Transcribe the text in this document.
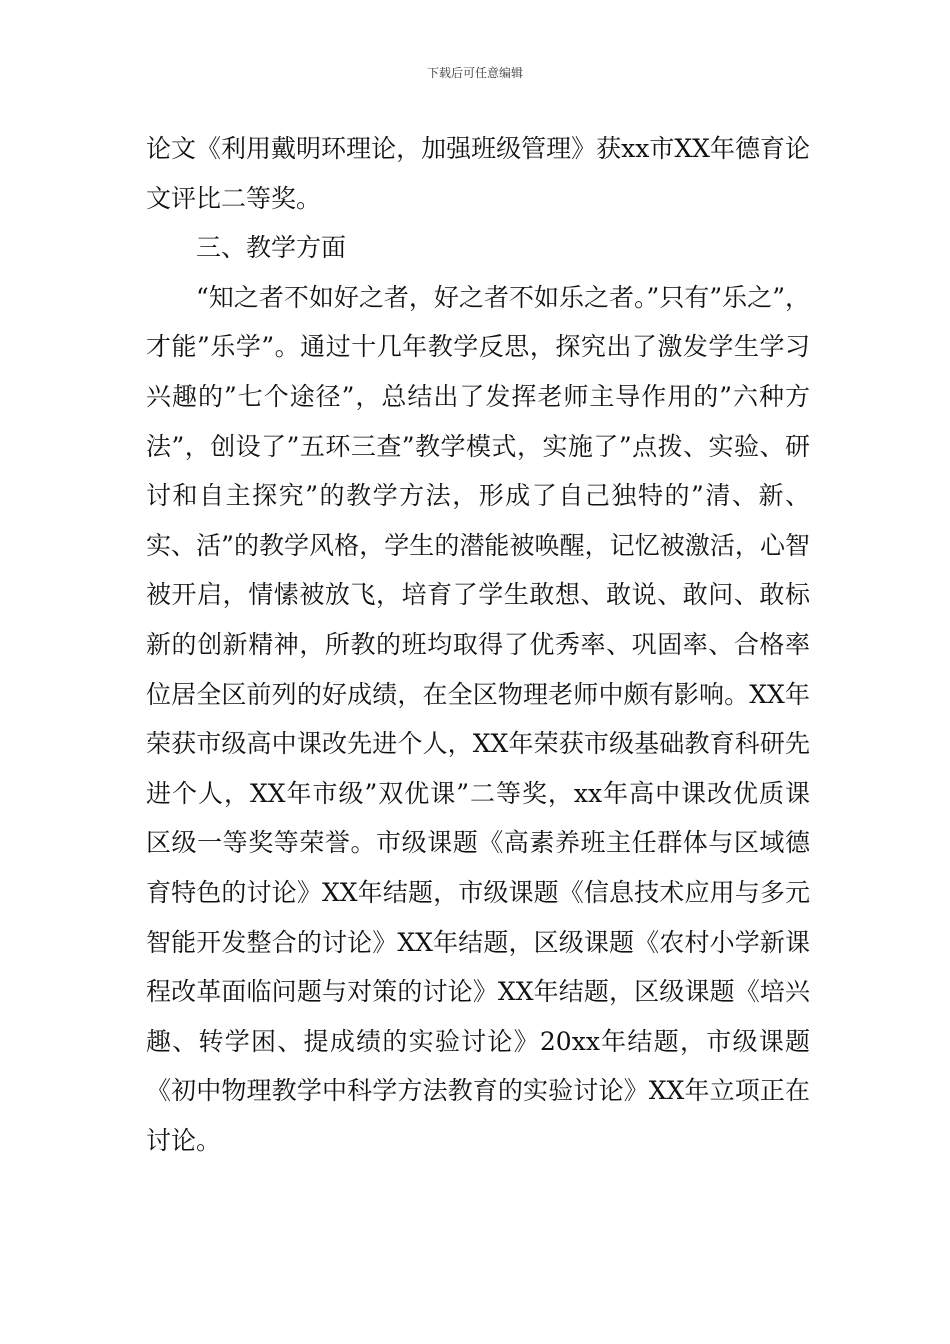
下载后可任意编辑

论文《利用戴明环理论，加强班级管理》获xx市XX年德育论文评比二等奖。

三、教学方面

“知之者不如好之者，好之者不如乐之者。”只有”乐之”，才能”乐学”。通过十几年教学反思，探究出了激发学生学习兴趣的”七个途径”，总结出了发挥老师主导作用的”六种方法”，创设了”五环三查”教学模式，实施了”点拨、实验、研讨和自主探究”的教学方法，形成了自己独特的”清、新、实、活”的教学风格，学生的潜能被唤醒，记忆被激活，心智被开启，情愫被放飞，培育了学生敢想、敢说、敢问、敢标新的创新精神，所教的班均取得了优秀率、巩固率、合格率位居全区前列的好成绩，在全区物理老师中颇有影响。XX年荣获市级高中课改先进个人，XX年荣获市级基础教育科研先进个人，XX年市级”双优课”二等奖，xx年高中课改优质课区级一等奖等荣誉。市级课题《高素养班主任群体与区域德育特色的讨论》XX年结题，市级课题《信息技术应用与多元智能开发整合的讨论》XX年结题，区级课题《农村小学新课程改革面临问题与对策的讨论》XX年结题，区级课题《培兴趣、转学困、提成绩的实验讨论》20xx年结题，市级课题《初中物理教学中科学方法教育的实验讨论》XX年立项正在讨论。
